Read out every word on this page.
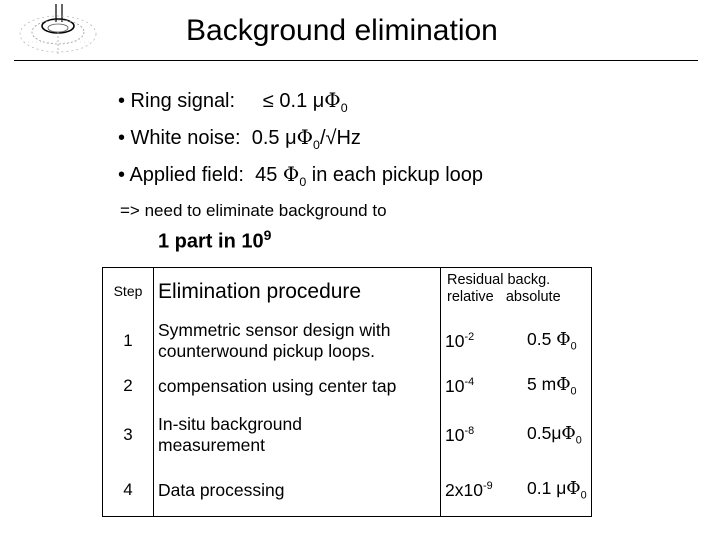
Background elimination
• Ring signal: ≤ 0.1 $\mu\Phi_0$
• White noise: 0.5 $\mu\Phi_0/√Hz$
• Applied field: 45 $\Phi_0$ in each pickup loop
=> need to eliminate background to
1 part in $10^9$
Step	Elimination procedure	Residual backg.
relative   absolute	

1	Symmetric sensor design with counterwound pickup loops.	$10^{-2}$	0.5 $\Phi_0$
2	compensation using center tap	$10^{-4}$	5 $m\Phi_0$
3	In-situ background measurement	$10^{-8}$	$0.5\mu\Phi_0$
4	Data processing	$2x10^{-9}$	0.1 $\mu\Phi_0$
